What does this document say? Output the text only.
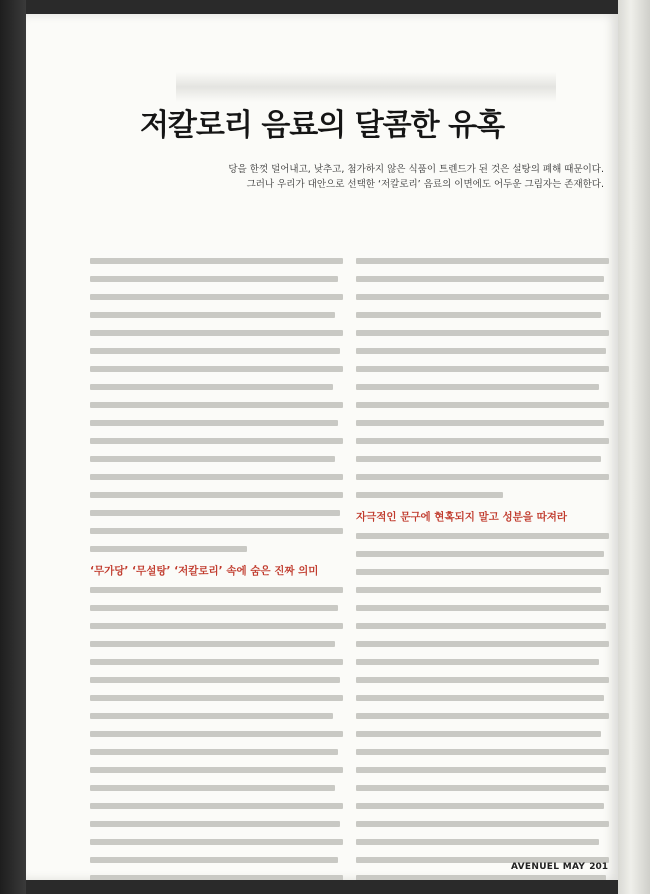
저칼로리 음료의 달콤한 유혹
당을 한껏 덜어내고, 낮추고, 첨가하지 않은 식품이 트렌드가 된 것은 설탕의 폐해 때문이다.
그러나 우리가 대안으로 선택한 ‘저칼로리’ 음료의 이면에도 어두운 그림자는 존재한다.
‘무가당’ ‘무설탕’ ‘저칼로리’ 속에 숨은 진짜 의미
자극적인 문구에 현혹되지 말고 성분을 따져라
AVENUEL MAY 201
